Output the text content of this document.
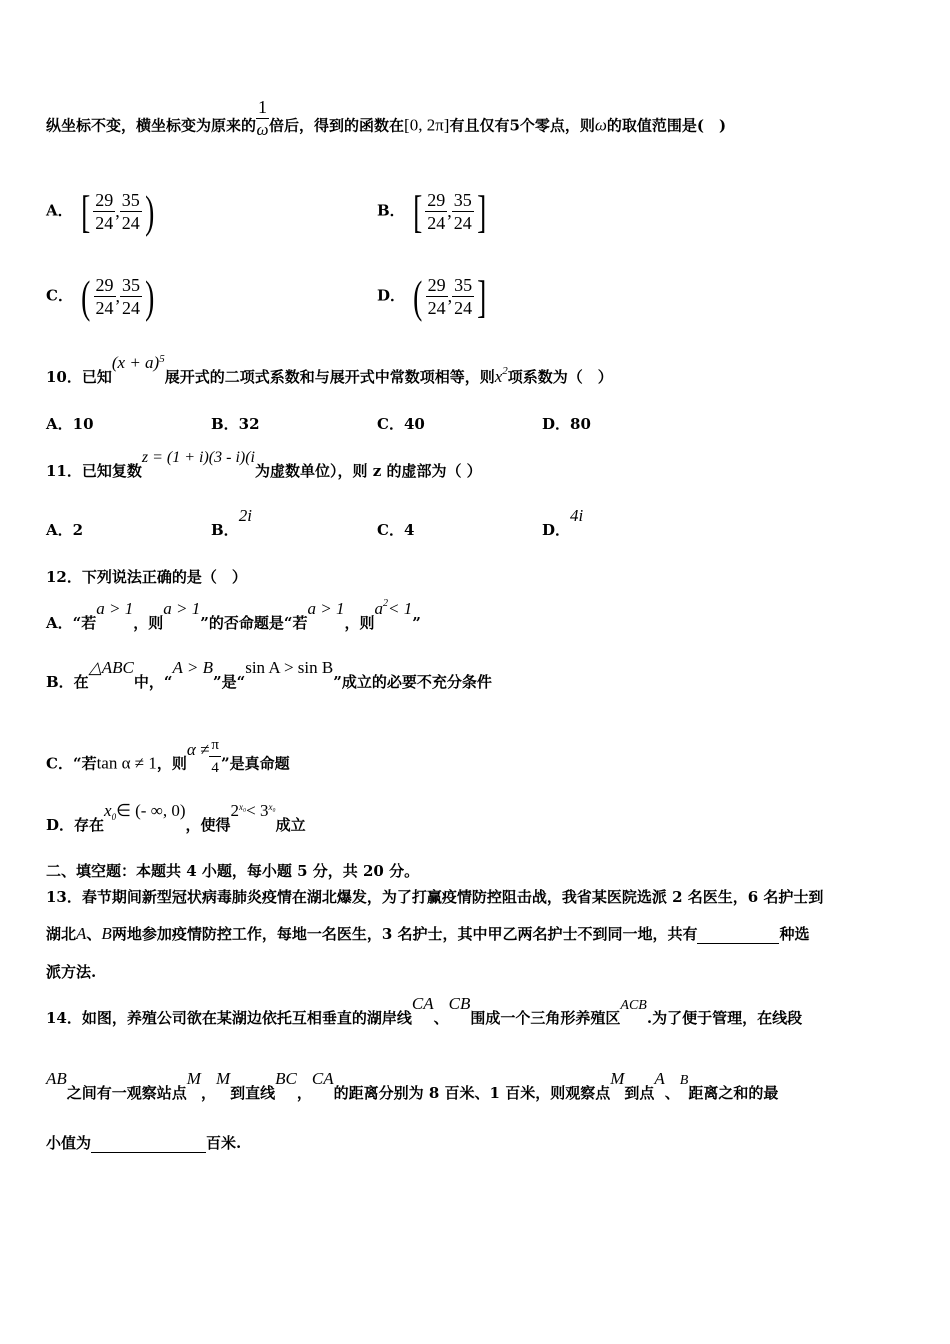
纵坐标不变，横坐标变为原来的 $\frac{1}{\omega}$ 倍后，得到的函数在[0, 2π]有且仅有5个零点，则ω的取值范围是(　)
A． [ $\frac{29}{24}$ , $\frac{35}{24}$ )	B． [ $\frac{29}{24}$ , $\frac{35}{24}$ ]
C． ( $\frac{29}{24}$ , $\frac{35}{24}$ )	D． ( $\frac{29}{24}$ , $\frac{35}{24}$ ]
10．已知$(x + a)^5$展开式的二项式系数和与展开式中常数项相等，则$x^2$项系数为（　）
A．10	B．32	C．40	D．80
11．已知复数z = (1 + i)(3 - i)(i为虚数单位），则 z 的虚部为（ ）
A．2	B．2i
C．4	D．4i
12．下列说法正确的是（　）
A．“若a > 1，则a > 1”的否命题是“若a > 1，则$a^2< 1$”
B．在△ABC中，“A > B”是“sin A > sin B”成立的必要不充分条件
C．“若tan α ≠ 1，则$\alpha \ne \frac{\pi}{4}$ ”是真命题
D．存在$x^0\in$ (- ∞, 0)，使得$2^{x_0}< 3^{x_0}$成立
二、填空题：本题共 4 小题，每小题 5 分，共 20 分。
13．春节期间新型冠状病毒肺炎疫情在湖北爆发，为了打赢疫情防控阻击战，我省某医院选派 2 名医生，6 名护士到
湖北A、B两地参加疫情防控工作，每地一名医生，3 名护士，其中甲乙两名护士不到同一地，共有	种选
派方法.
14．如图，养殖公司欲在某湖边依托互相垂直的湖岸线CA、CB围成一个三角形养殖区ACB.为了便于管理，在线段
AB之间有一观察站点M，M到直线BC，CA的距离分别为 8 百米、1 百米，则观察点M到点A、B距离之和的最
小值为	百米.
